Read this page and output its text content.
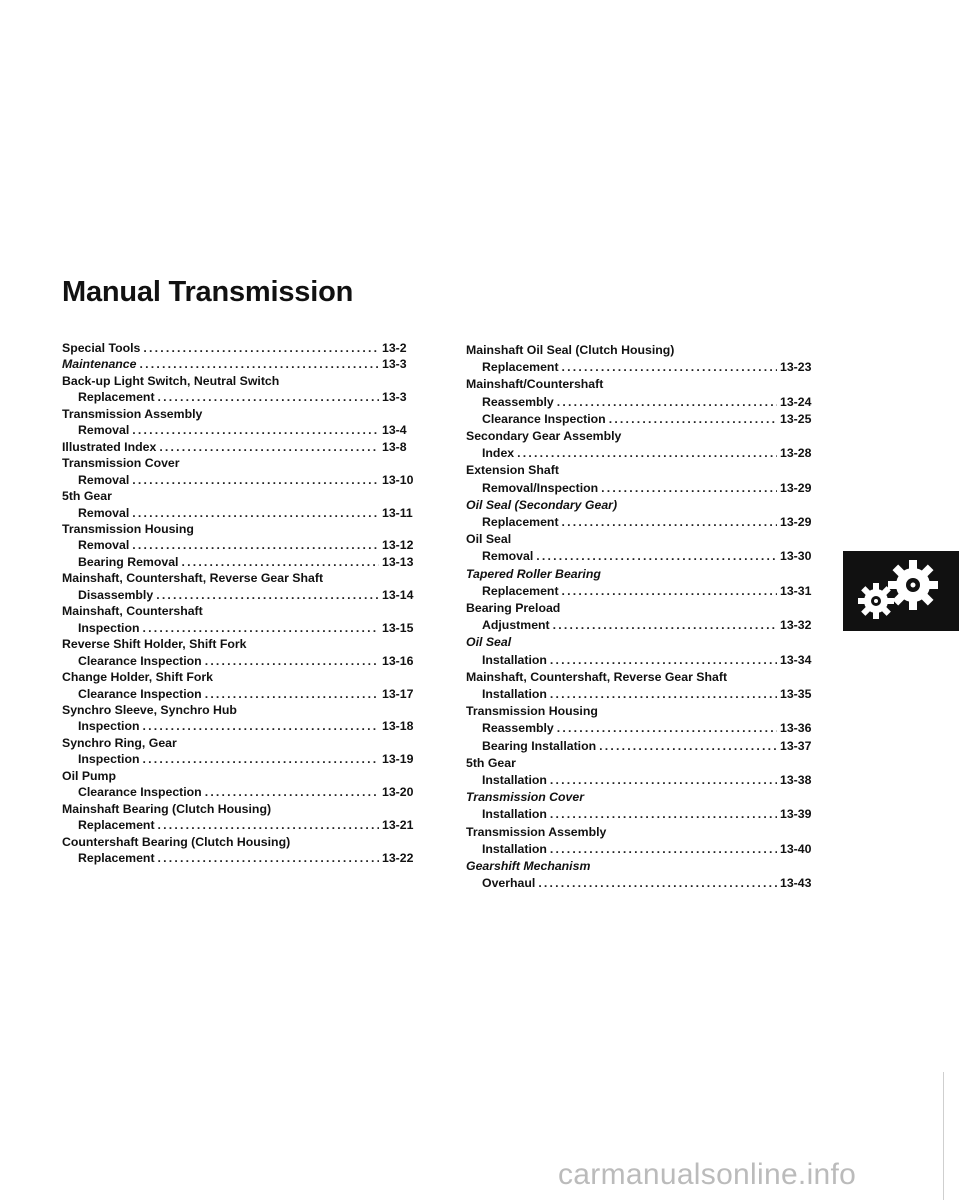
Manual Transmission
Special Tools .....	13-2
Maintenance .....	13-3
Back-up Light Switch, Neutral Switch
Replacement .....	13-3
Transmission Assembly
Removal .....	13-4
Illustrated Index .....	13-8
Transmission Cover
Removal .....	13-10
5th Gear
Removal .....	13-11
Transmission Housing
Removal .....	13-12
Bearing Removal .....	13-13
Mainshaft, Countershaft, Reverse Gear Shaft
Disassembly .....	13-14
Mainshaft, Countershaft
Inspection .....	13-15
Reverse Shift Holder, Shift Fork
Clearance Inspection .....	13-16
Change Holder, Shift Fork
Clearance Inspection .....	13-17
Synchro Sleeve, Synchro Hub
Inspection .....	13-18
Synchro Ring, Gear
Inspection .....	13-19
Oil Pump
Clearance Inspection .....	13-20
Mainshaft Bearing (Clutch Housing)
Replacement .....	13-21
Countershaft Bearing (Clutch Housing)
Replacement .....	13-22
Mainshaft Oil Seal (Clutch Housing)
Replacement .....	13-23
Mainshaft/Countershaft
Reassembly .....	13-24
Clearance Inspection .....	13-25
Secondary Gear Assembly
Index .....	13-28
Extension Shaft
Removal/Inspection .....	13-29
Oil Seal (Secondary Gear)
Replacement .....	13-29
Oil Seal
Removal .....	13-30
Tapered Roller Bearing
Replacement .....	13-31
Bearing Preload
Adjustment .....	13-32
Oil Seal
Installation .....	13-34
Mainshaft, Countershaft, Reverse Gear Shaft
Installation .....	13-35
Transmission Housing
Reassembly .....	13-36
Bearing Installation .....	13-37
5th Gear
Installation .....	13-38
Transmission Cover
Installation .....	13-39
Transmission Assembly
Installation .....	13-40
Gearshift Mechanism
Overhaul .....	13-43
carmanualsonline.info
